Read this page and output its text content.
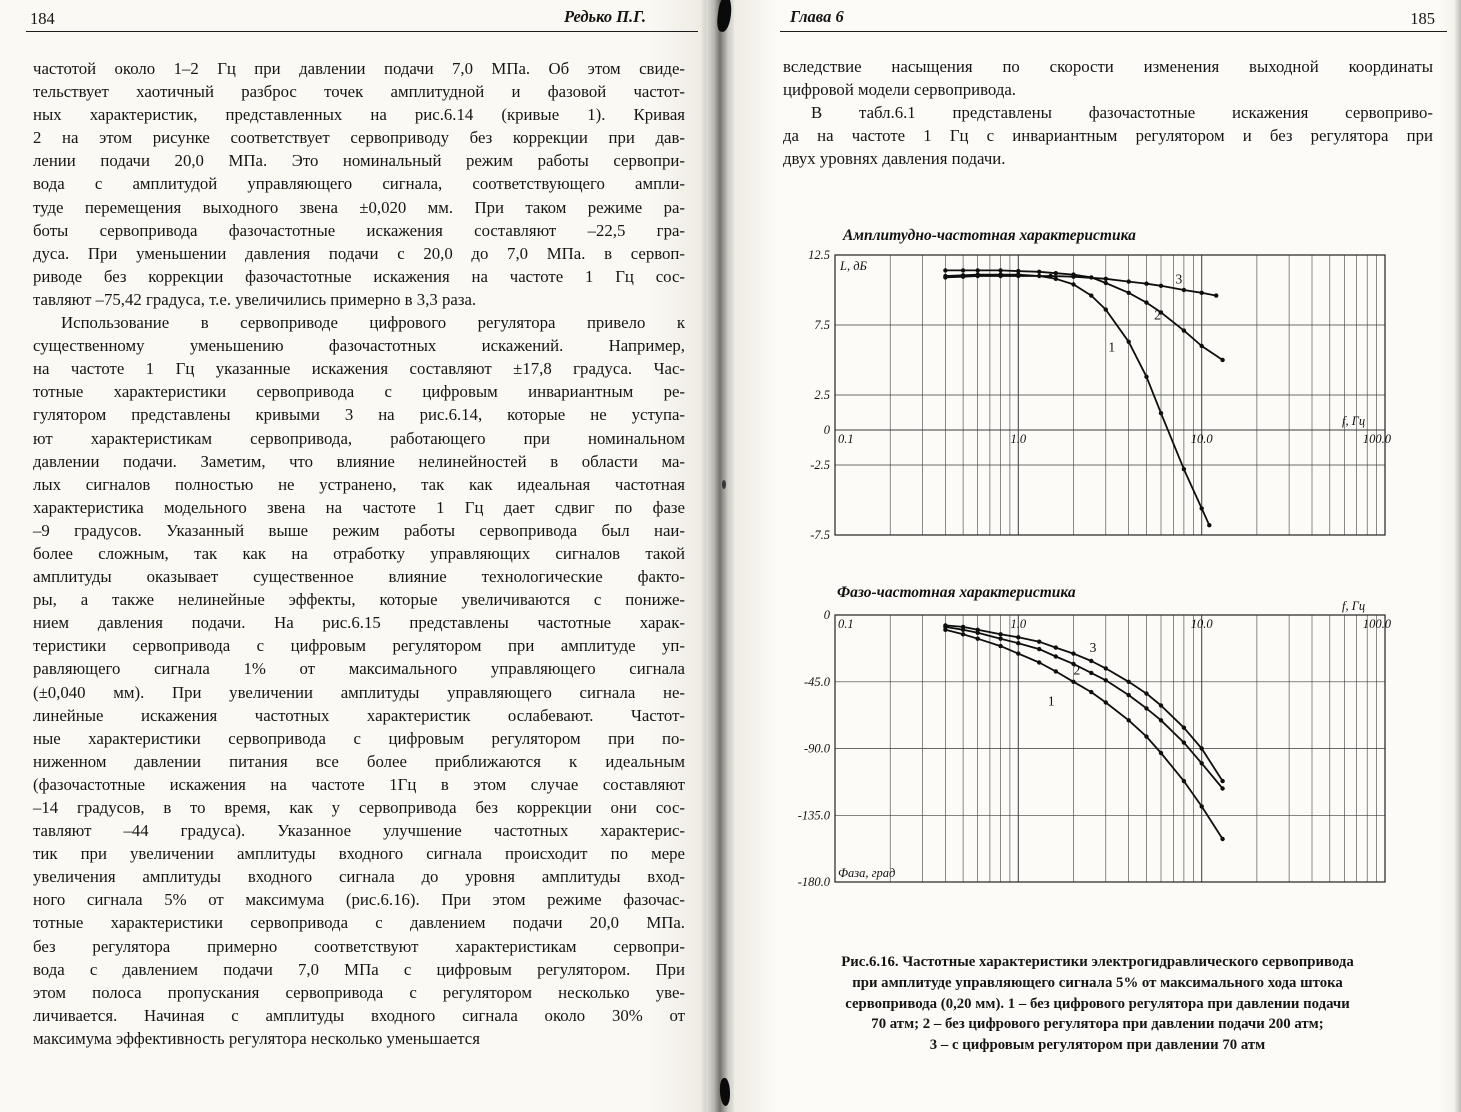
184	Редько П.Г.
частотой около 1–2 Гц при давлении подачи 7,0 МПа. Об этом свиде-
тельствует хаотичный разброс точек амплитудной и фазовой частот-
ных характеристик, представленных на рис.6.14 (кривые 1). Кривая
2 на этом рисунке соответствует сервоприводу без коррекции при дав-
лении подачи 20,0 МПа. Это номинальный режим работы сервопри-
вода с амплитудой управляющего сигнала, соответствующего ампли-
туде перемещения выходного звена ±0,020 мм. При таком режиме ра-
боты сервопривода фазочастотные искажения составляют –22,5 гра-
дуса. При уменьшении давления подачи с 20,0 до 7,0 МПа. в сервоп-
риводе без коррекции фазочастотные искажения на частоте 1 Гц сос-
тавляют –75,42 градуса, т.е. увеличились примерно в 3,3 раза.
Использование в сервоприводе цифрового регулятора привело к
существенному уменьшению фазочастотных искажений. Например,
на частоте 1 Гц указанные искажения составляют ±17,8 градуса. Час-
тотные характеристики сервопривода с цифровым инвариантным ре-
гулятором представлены кривыми 3 на рис.6.14, которые не уступа-
ют характеристикам сервопривода, работающего при номинальном
давлении подачи. Заметим, что влияние нелинейностей в области ма-
лых сигналов полностью не устранено, так как идеальная частотная
характеристика модельного звена на частоте 1 Гц дает сдвиг по фазе
–9 градусов. Указанный выше режим работы сервопривода был наи-
более сложным, так как на отработку управляющих сигналов такой
амплитуды оказывает существенное влияние технологические факто-
ры, а также нелинейные эффекты, которые увеличиваются с пониже-
нием давления подачи. На рис.6.15 представлены частотные харак-
теристики сервопривода с цифровым регулятором при амплитуде уп-
равляющего сигнала 1% от максимального управляющего сигнала
(±0,040 мм). При увеличении амплитуды управляющего сигнала не-
линейные искажения частотных характеристик ослабевают. Частот-
ные характеристики сервопривода с цифровым регулятором при по-
ниженном давлении питания все более приближаются к идеальным
(фазочастотные искажения на частоте 1Гц в этом случае составляют
–14 градусов, в то время, как у сервопривода без коррекции они сос-
тавляют –44 градуса). Указанное улучшение частотных характерис-
тик при увеличении амплитуды входного сигнала происходит по мере
увеличения амплитуды входного сигнала до уровня амплитуды вход-
ного сигнала 5% от максимума (рис.6.16). При этом режиме фазочас-
тотные характеристики сервопривода с давлением подачи 20,0 МПа.
без регулятора примерно соответствуют характеристикам сервопри-
вода с давлением подачи 7,0 МПа с цифровым регулятором. При
этом полоса пропускания сервопривода с регулятором несколько уве-
личивается. Начиная с амплитуды входного сигнала около 30% от
максимума эффективность регулятора несколько уменьшается
Глава 6	185
вследствие насыщения по скорости изменения выходной координаты
цифровой модели сервопривода.
В табл.6.1 представлены фазочастотные искажения сервоприво-
да на частоте 1 Гц с инвариантным регулятором и без регулятора при
двух уровнях давления подачи.
12.5
7.5
2.5
0
-2.5
-7.5
0.1	1.0	10.0	100.0
f, Гц
Амплитудно-частотная характеристика
L, дБ
1
2
3
0
-45.0
-90.0
-135.0
-180.0
0.1	1.0	10.0	100.0
f, Гц
Фазо-частотная характеристика
Фаза, град
1
2
3
Рис.6.16. Частотные характеристики электрогидравлического сервопривода
при амплитуде управляющего сигнала 5% от максимального хода штока
сервопривода (0,20 мм). 1 – без цифрового регулятора при давлении подачи
70 атм; 2 – без цифрового регулятора при давлении подачи 200 атм;
3 – с цифровым регулятором при давлении 70 атм
